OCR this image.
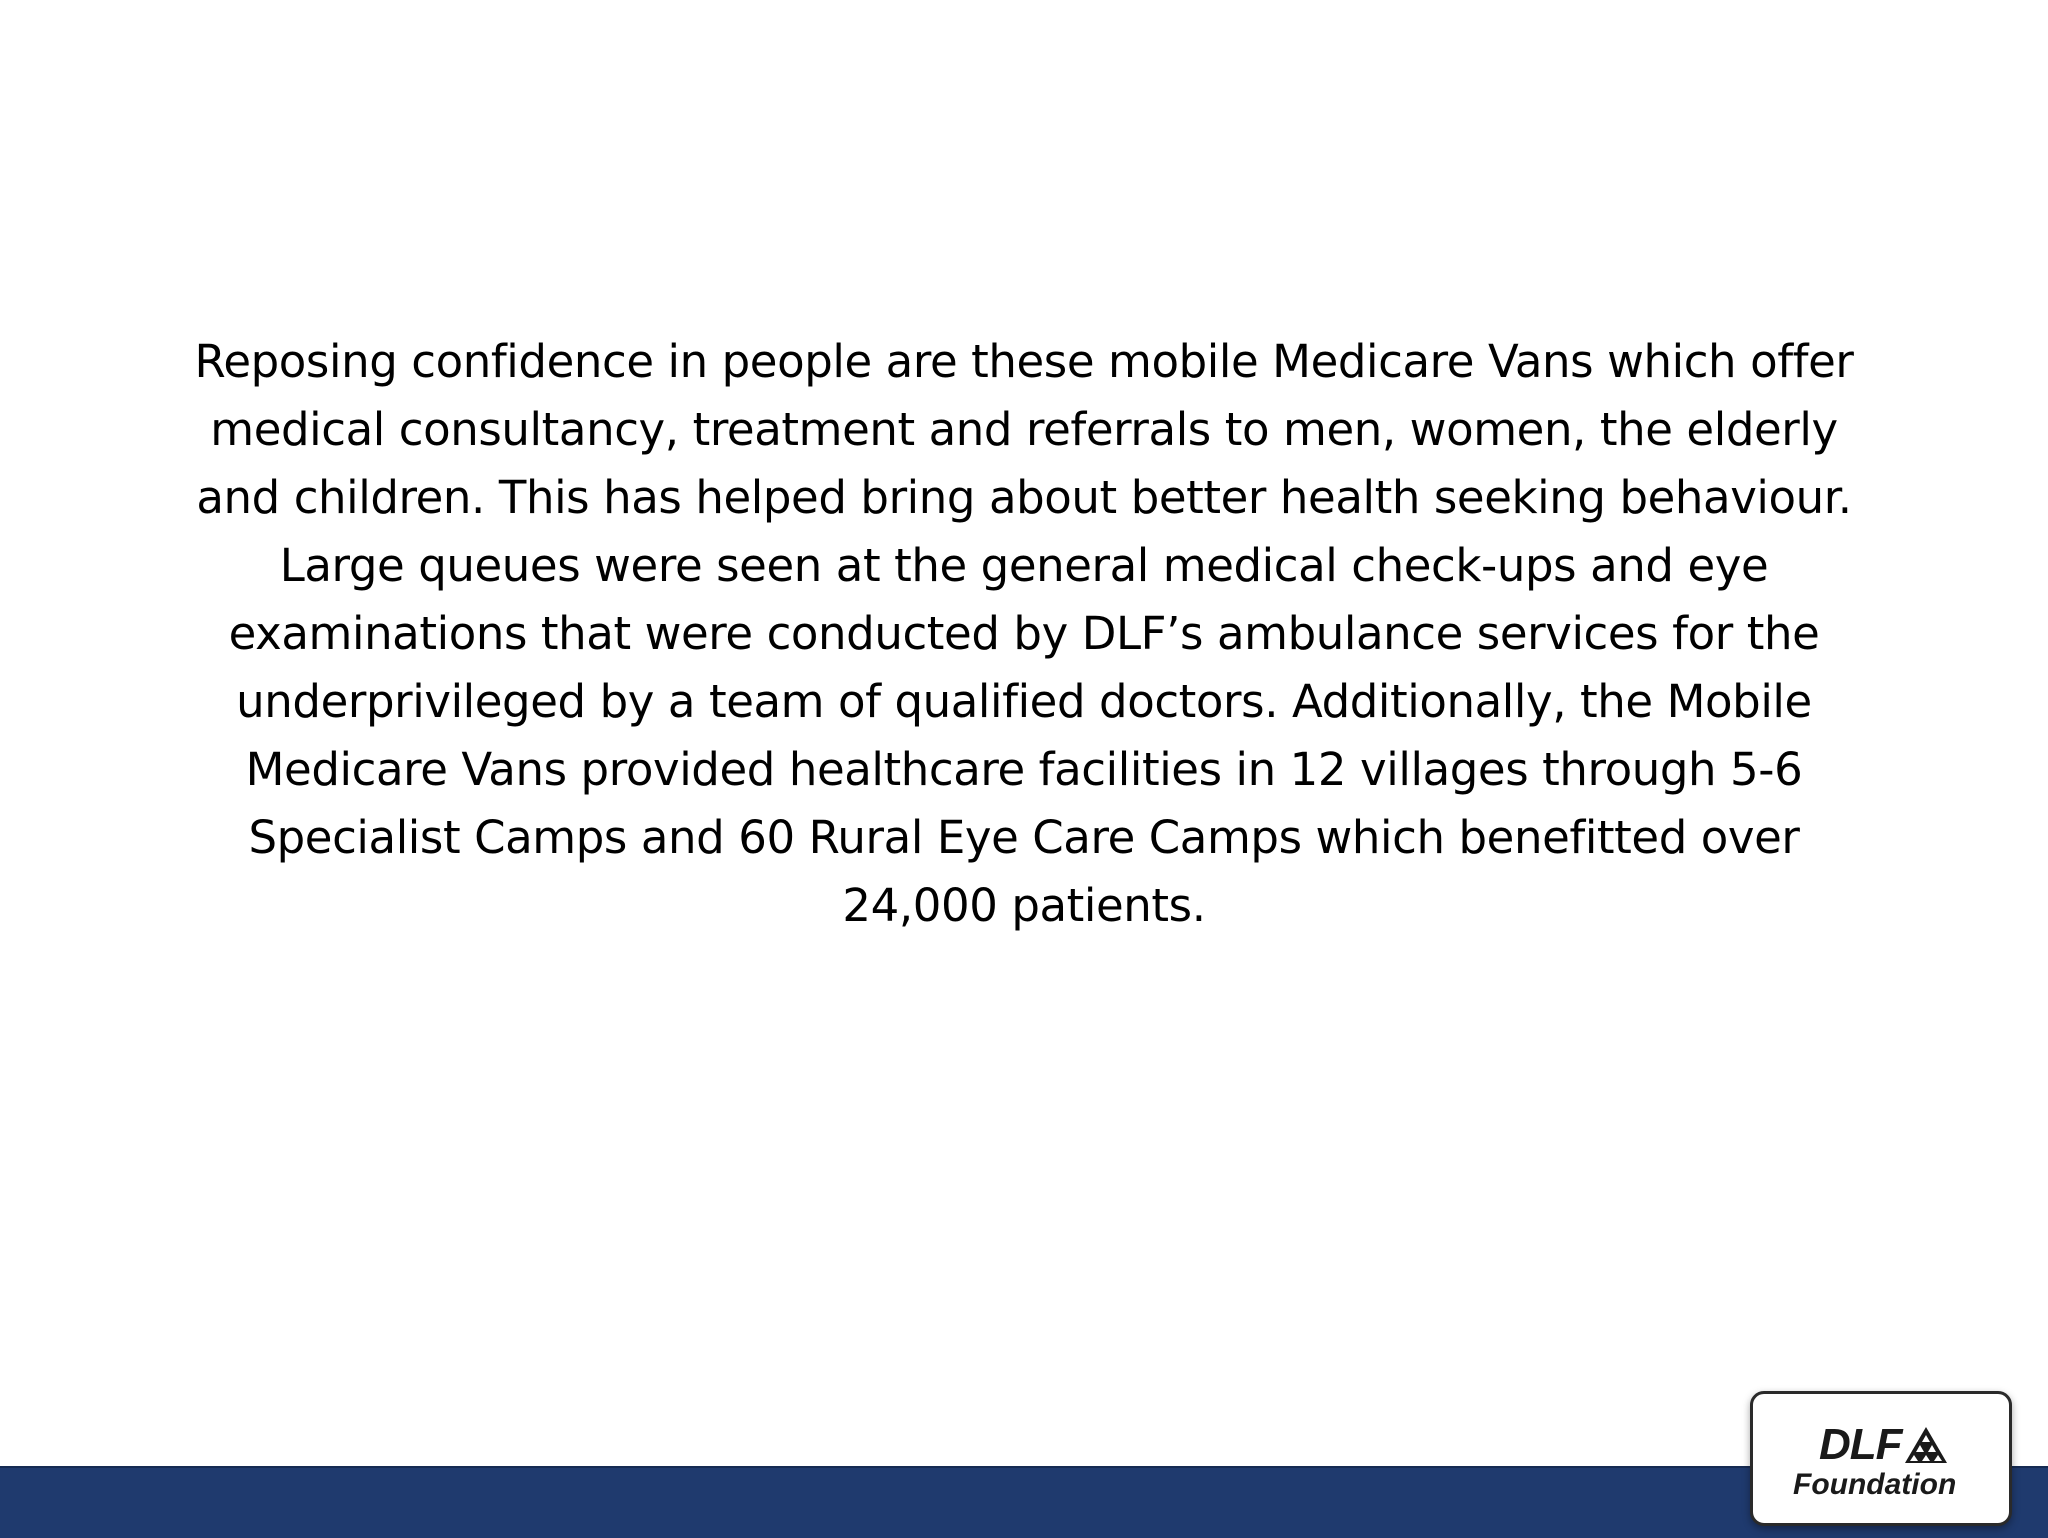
Reposing confidence in people are these mobile Medicare Vans which offer medical consultancy, treatment and referrals to men, women, the elderly and children. This has helped bring about better health seeking behaviour.

Large queues were seen at the general medical check-ups and eye examinations that were conducted by DLF’s ambulance services for the underprivileged by a team of qualified doctors. Additionally, the Mobile Medicare Vans provided healthcare facilities in 12 villages through 5-6 Specialist Camps and 60 Rural Eye Care Camps which benefitted over 24,000 patients.

DLF
Foundation
